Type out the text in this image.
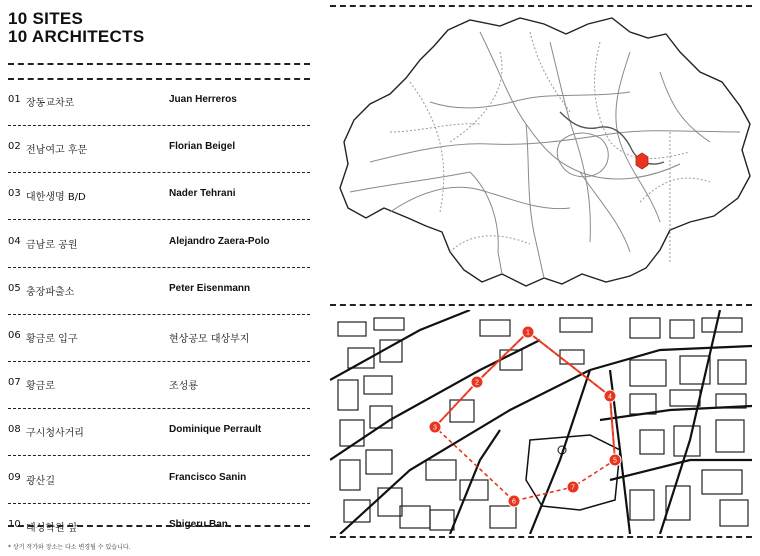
10 SITES
10 ARCHITECTS
01 장동교차로	Juan Herreros
02 전남여고 후문	Florian Beigel
03 대한생명 B/D	Nader Tehrani
04 금남로 공원	Alejandro Zaera-Polo
05 충장파출소	Peter Eisenmann
06 황금로 입구	현상공모 대상부지
07 황금로	조성룡
08 구시청사거리	Dominique Perrault
09 광산길	Francisco Sanin
10 대성학원 앞	Shigeru Ban
* 상기 작가와 장소는 다소 변경될 수 있습니다.
1
2
3
4
5
6
7
